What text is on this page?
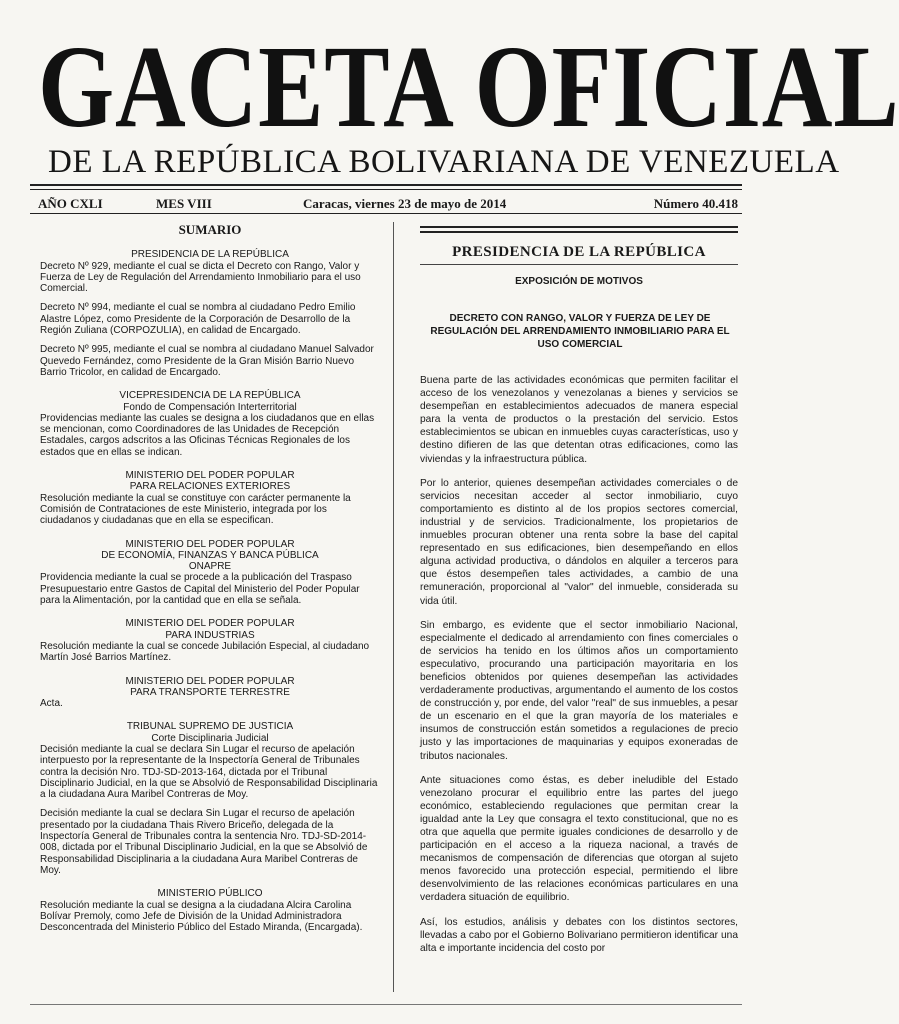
GACETA OFICIAL
DE LA REPÚBLICA BOLIVARIANA DE VENEZUELA
AÑO CXLI	MES VIII	Caracas, viernes 23 de mayo de 2014	Número 40.418
SUMARIO
PRESIDENCIA DE LA REPÚBLICA

Decreto Nº 929, mediante el cual se dicta el Decreto con Rango, Valor y Fuerza de Ley de Regulación del Arrendamiento Inmobiliario para el uso Comercial.

Decreto Nº 994, mediante el cual se nombra al ciudadano Pedro Emilio Alastre López, como Presidente de la Corporación de Desarrollo de la Región Zuliana (CORPOZULIA), en calidad de Encargado.

Decreto Nº 995, mediante el cual se nombra al ciudadano Manuel Salvador Quevedo Fernández, como Presidente de la Gran Misión Barrio Nuevo Barrio Tricolor, en calidad de Encargado.

VICEPRESIDENCIA DE LA REPÚBLICA
Fondo de Compensación Interterritorial

Providencias mediante las cuales se designa a los ciudadanos que en ellas se mencionan, como Coordinadores de las Unidades de Recepción Estadales, cargos adscritos a las Oficinas Técnicas Regionales de los estados que en ellas se indican.

MINISTERIO DEL PODER POPULAR
PARA RELACIONES EXTERIORES

Resolución mediante la cual se constituye con carácter permanente la Comisión de Contrataciones de este Ministerio, integrada por los ciudadanos y ciudadanas que en ella se especifican.

MINISTERIO DEL PODER POPULAR
DE ECONOMÍA, FINANZAS Y BANCA PÚBLICA
ONAPRE

Providencia mediante la cual se procede a la publicación del Traspaso Presupuestario entre Gastos de Capital del Ministerio del Poder Popular para la Alimentación, por la cantidad que en ella se señala.

MINISTERIO DEL PODER POPULAR
PARA INDUSTRIAS

Resolución mediante la cual se concede Jubilación Especial, al ciudadano Martín José Barrios Martínez.

MINISTERIO DEL PODER POPULAR
PARA TRANSPORTE TERRESTRE

Acta.

TRIBUNAL SUPREMO DE JUSTICIA
Corte Disciplinaria Judicial

Decisión mediante la cual se declara Sin Lugar el recurso de apelación interpuesto por la representante de la Inspectoría General de Tribunales contra la decisión Nro. TDJ-SD-2013-164, dictada por el Tribunal Disciplinario Judicial, en la que se Absolvió de Responsabilidad Disciplinaria a la ciudadana Aura Maribel Contreras de Moy.

Decisión mediante la cual se declara Sin Lugar el recurso de apelación presentado por la ciudadana Thais Rivero Briceño, delegada de la Inspectoría General de Tribunales contra la sentencia Nro. TDJ-SD-2014-008, dictada por el Tribunal Disciplinario Judicial, en la que se Absolvió de Responsabilidad Disciplinaria a la ciudadana Aura Maribel Contreras de Moy.

MINISTERIO PÚBLICO

Resolución mediante la cual se designa a la ciudadana Alcira Carolina Bolívar Premoly, como Jefe de División de la Unidad Administradora Desconcentrada del Ministerio Público del Estado Miranda, (Encargada).

PRESIDENCIA DE LA REPÚBLICA
EXPOSICIÓN DE MOTIVOS
DECRETO CON RANGO, VALOR Y FUERZA DE LEY DE REGULACIÓN DEL ARRENDAMIENTO INMOBILIARIO PARA EL USO COMERCIAL

Buena parte de las actividades económicas que permiten facilitar el acceso de los venezolanos y venezolanas a bienes y servicios se desempeñan en establecimientos adecuados de manera especial para la venta de productos o la prestación del servicio. Estos establecimientos se ubican en inmuebles cuyas características, uso y destino difieren de las que detentan otras edificaciones, como las viviendas y la infraestructura pública.

Por lo anterior, quienes desempeñan actividades comerciales o de servicios necesitan acceder al sector inmobiliario, cuyo comportamiento es distinto al de los propios sectores comercial, industrial y de servicios. Tradicionalmente, los propietarios de inmuebles procuran obtener una renta sobre la base del capital representado en sus edificaciones, bien desempeñando en ellos alguna actividad productiva, o dándolos en alquiler a terceros para que éstos desempeñen tales actividades, a cambio de una remuneración, proporcional al "valor" del inmueble, considerada su vida útil.

Sin embargo, es evidente que el sector inmobiliario Nacional, especialmente el dedicado al arrendamiento con fines comerciales o de servicios ha tenido en los últimos años un comportamiento especulativo, procurando una participación mayoritaria en los beneficios obtenidos por quienes desempeñan las actividades verdaderamente productivas, argumentando el aumento de los costos de construcción y, por ende, del valor "real" de sus inmuebles, a pesar de un escenario en el que la gran mayoría de los materiales e insumos de construcción están sometidos a regulaciones de precio justo y las importaciones de maquinarias y equipos exoneradas de tributos nacionales.

Ante situaciones como éstas, es deber ineludible del Estado venezolano procurar el equilibrio entre las partes del juego económico, estableciendo regulaciones que permitan crear la igualdad ante la Ley que consagra el texto constitucional, que no es otra que aquella que permite iguales condiciones de desarrollo y de participación en el acceso a la riqueza nacional, a través de mecanismos de compensación de diferencias que otorgan al sujeto menos favorecido una protección especial, permitiendo el libre desenvolvimiento de las relaciones económicas particulares en una verdadera situación de equilibrio.

Así, los estudios, análisis y debates con los distintos sectores, llevadas a cabo por el Gobierno Bolivariano permitieron identificar una alta e importante incidencia del costo por
